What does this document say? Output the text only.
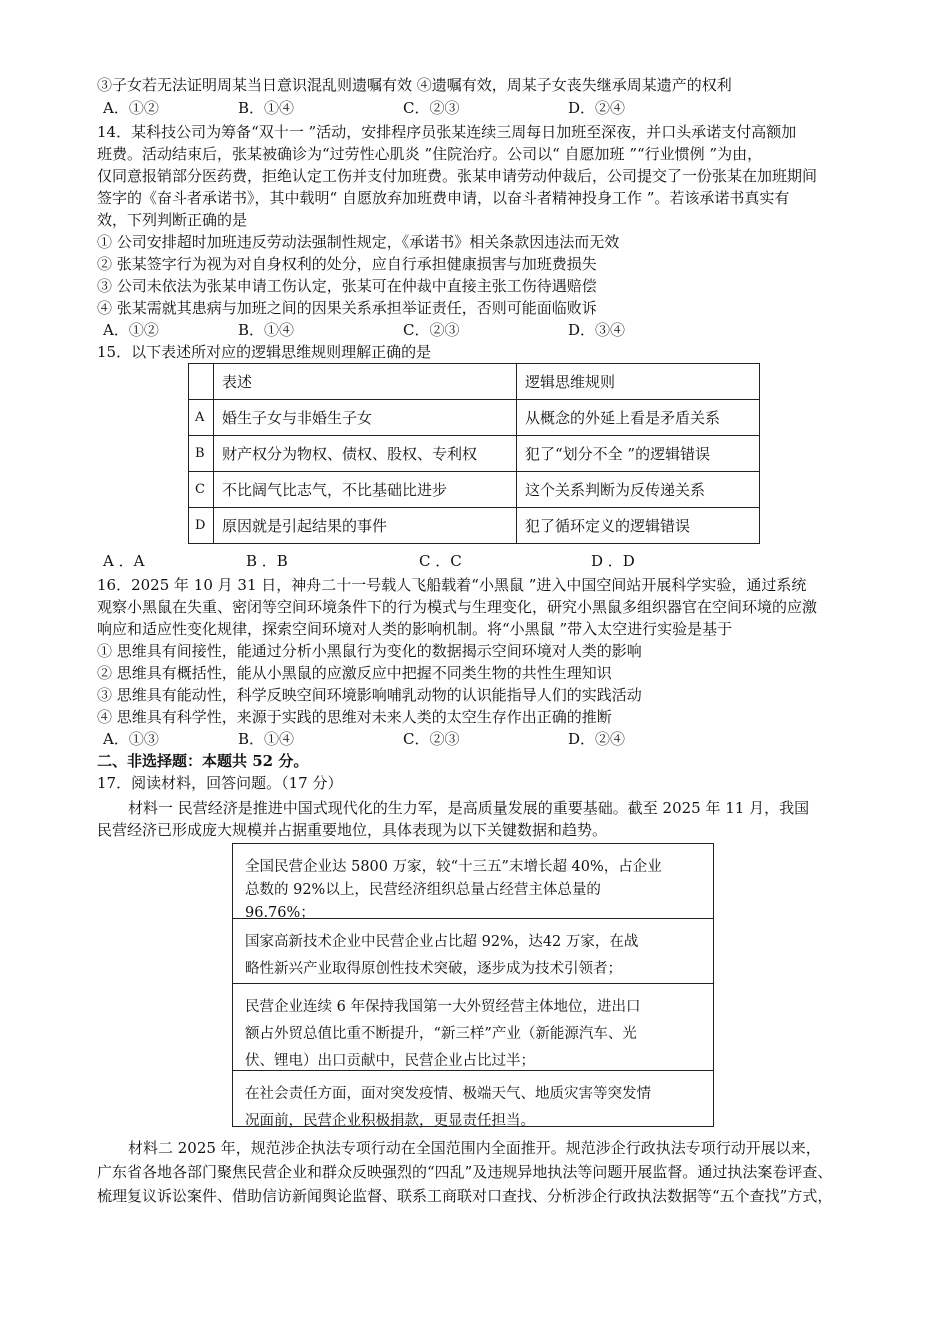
③子女若无法证明周某当日意识混乱则遗嘱有效 ④遗嘱有效，周某子女丧失继承周某遗产的权利
A．①②	B．①④	C．②③	D．②④
14．某科技公司为筹备“双十一 ”活动，安排程序员张某连续三周每日加班至深夜，并口头承诺支付高额加
班费。活动结束后，张某被确诊为“过劳性心肌炎 ”住院治疗。公司以“ 自愿加班 ”“行业惯例 ”为由，
仅同意报销部分医药费，拒绝认定工伤并支付加班费。张某申请劳动仲裁后，公司提交了一份张某在加班期间
签字的《奋斗者承诺书》，其中载明“ 自愿放弃加班费申请，以奋斗者精神投身工作 ”。若该承诺书真实有
效，下列判断正确的是
① 公司安排超时加班违反劳动法强制性规定，《承诺书》相关条款因违法而无效
② 张某签字行为视为对自身权利的处分，应自行承担健康损害与加班费损失
③ 公司未依法为张某申请工伤认定，张某可在仲裁中直接主张工伤待遇赔偿
④ 张某需就其患病与加班之间的因果关系承担举证责任，否则可能面临败诉
A．①②	B．①④	C．②③	D．③④
15．以下表述所对应的逻辑思维规则理解正确的是
	表述	逻辑思维规则
A	婚生子女与非婚生子女	从概念的外延上看是矛盾关系
B	财产权分为物权、债权、股权、专利权	犯了“划分不全 ”的逻辑错误
C	不比阔气比志气，不比基础比进步	这个关系判断为反传递关系
D	原因就是引起结果的事件	犯了循环定义的逻辑错误
A ．A	B ．B	C ．C	D ．D
16．2025 年 10 月 31 日，神舟二十一号载人飞船载着“小黑鼠 ”进入中国空间站开展科学实验，通过系统
观察小黑鼠在失重、密闭等空间环境条件下的行为模式与生理变化，研究小黑鼠多组织器官在空间环境的应激
响应和适应性变化规律，探索空间环境对人类的影响机制。将“小黑鼠 ”带入太空进行实验是基于
① 思维具有间接性，能通过分析小黑鼠行为变化的数据揭示空间环境对人类的影响
② 思维具有概括性，能从小黑鼠的应激反应中把握不同类生物的共性生理知识
③ 思维具有能动性，科学反映空间环境影响哺乳动物的认识能指导人们的实践活动
④ 思维具有科学性，来源于实践的思维对未来人类的太空生存作出正确的推断
A．①③	B．①④	C．②③	D．②④
二、非选择题：本题共 52 分。
17．阅读材料，回答问题。（17 分）
材料一 民营经济是推进中国式现代化的生力军，是高质量发展的重要基础。截至 2025 年 11 月，我国
民营经济已形成庞大规模并占据重要地位，具体表现为以下关键数据和趋势。
全国民营企业达 5800 万家，较“十三五”末增长超 40%，占企业
总数的 92%以上，民营经济组织总量占经营主体总量的
96.76%；
国家高新技术企业中民营企业占比超 92%，达42 万家，在战
略性新兴产业取得原创性技术突破，逐步成为技术引领者；
民营企业连续 6 年保持我国第一大外贸经营主体地位，进出口
额占外贸总值比重不断提升，“新三样”产业（新能源汽车、光
伏、锂电）出口贡献中，民营企业占比过半；
在社会责任方面，面对突发疫情、极端天气、地质灾害等突发情
况面前，民营企业积极捐款，更显责任担当。
材料二 2025 年，规范涉企执法专项行动在全国范围内全面推开。规范涉企行政执法专项行动开展以来，
广东省各地各部门聚焦民营企业和群众反映强烈的“四乱”及违规异地执法等问题开展监督。通过执法案卷评查、
梳理复议诉讼案件、借助信访新闻舆论监督、联系工商联对口查找、分析涉企行政执法数据等“五个查找”方式，
